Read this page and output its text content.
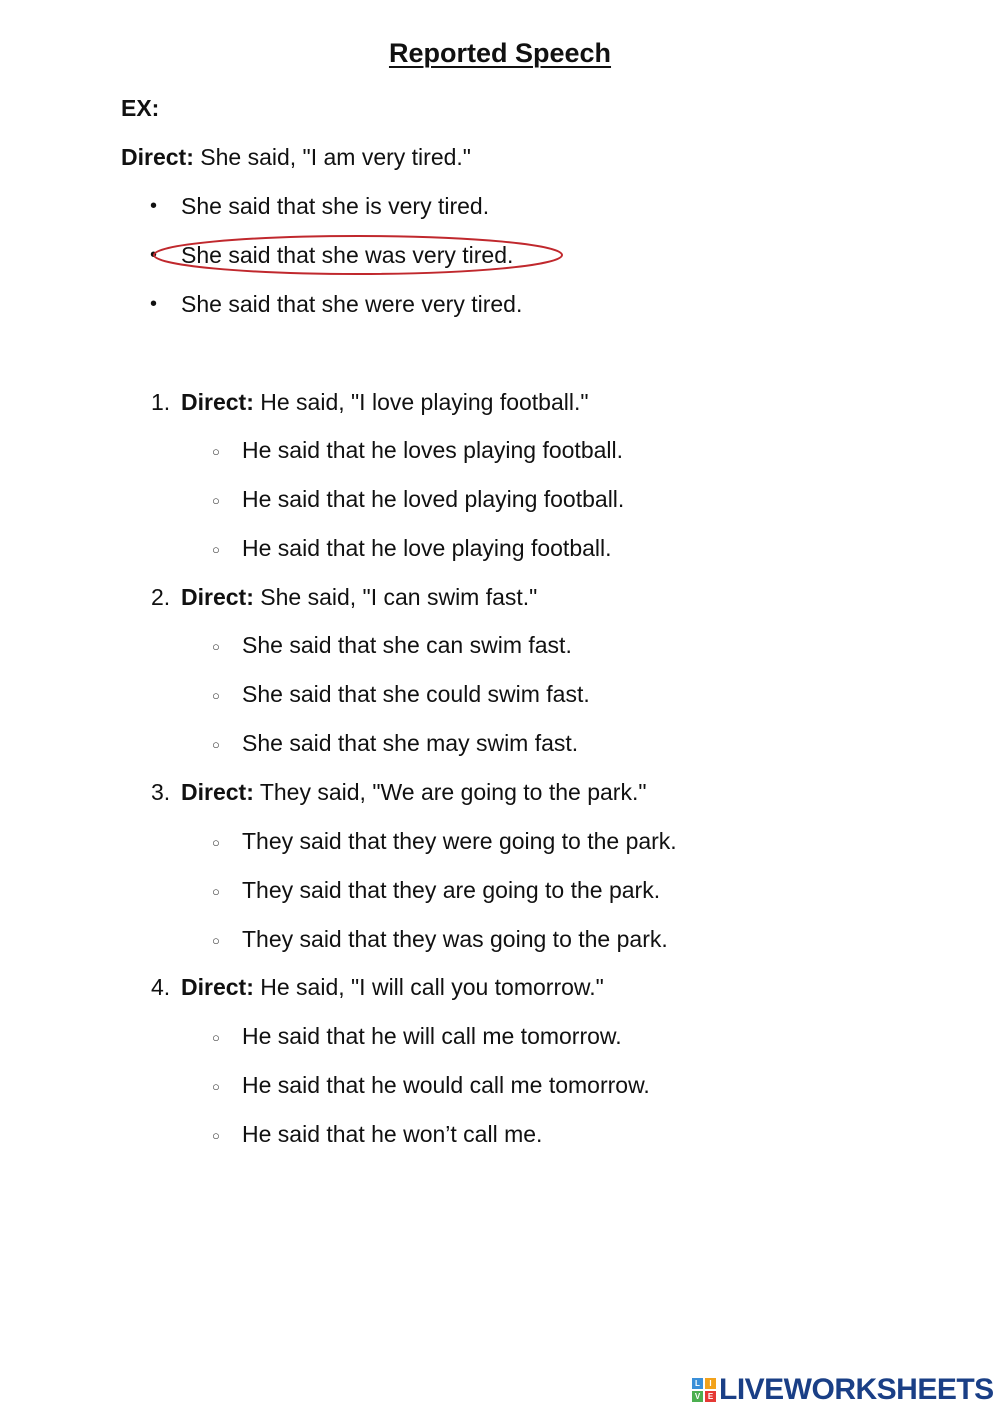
Reported Speech
EX:
Direct: She said, "I am very tired."
• She said that she is very tired.
• She said that she was very tired.
• She said that she were very tired.
1. Direct: He said, "I love playing football."
○ He said that he loves playing football.
○ He said that he loved playing football.
○ He said that he love playing football.
2. Direct: She said, "I can swim fast."
○ She said that she can swim fast.
○ She said that she could swim fast.
○ She said that she may swim fast.
3. Direct: They said, "We are going to the park."
○ They said that they were going to the park.
○ They said that they are going to the park.
○ They said that they was going to the park.
4. Direct: He said, "I will call you tomorrow."
○ He said that he will call me tomorrow.
○ He said that he would call me tomorrow.
○ He said that he won’t call me.
L	I
V E LIVEWORKSHEETS
